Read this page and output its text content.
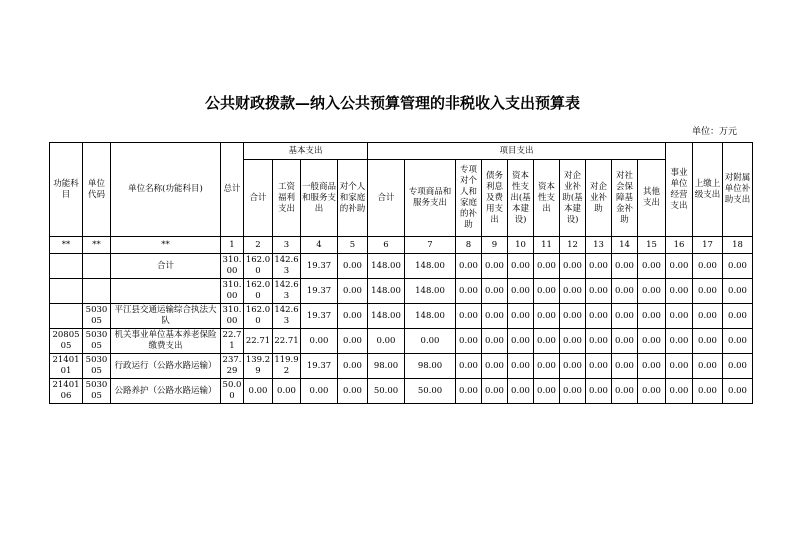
公共财政拨款—纳入公共预算管理的非税收入支出预算表
单位：万元
功能科目	单位代码	单位名称(功能科目)	总计	基本支出				项目支出										事业单位经营支出	上缴上级支出	对附属单位补助支出
				合计	工资福利支出	一般商品和服务支出	对个人和家庭的补助	合计	专项商品和服务支出	专项对个人和家庭的补助	债务利息及费用支出	资本性支出(基本建设)	资本性支出	对企业补助(基本建设)	对企业补助	对社会保障基金补助	其他支出			
**	**	**	1	2	3	4	5	6	7	8	9	10	11	12	13	14	15	16	17	18
		合计	310.00	162.00	142.63	19.37	0.00	148.00	148.00	0.00	0.00	0.00	0.00	0.00	0.00	0.00	0.00	0.00	0.00	0.00
			310.00	162.00	142.63	19.37	0.00	148.00	148.00	0.00	0.00	0.00	0.00	0.00	0.00	0.00	0.00	0.00	0.00	0.00
	503005	平江县交通运输综合执法大队	310.00	162.00	142.63	19.37	0.00	148.00	148.00	0.00	0.00	0.00	0.00	0.00	0.00	0.00	0.00	0.00	0.00	0.00
2080505	503005	机关事业单位基本养老保险缴费支出	22.71	22.71	22.71	0.00	0.00	0.00	0.00	0.00	0.00	0.00	0.00	0.00	0.00	0.00	0.00	0.00	0.00	0.00
2140101	503005	行政运行（公路水路运输）	237.29	139.29	119.92	19.37	0.00	98.00	98.00	0.00	0.00	0.00	0.00	0.00	0.00	0.00	0.00	0.00	0.00	0.00
2140106	503005	公路养护（公路水路运输）	50.00	0.00	0.00	0.00	0.00	50.00	50.00	0.00	0.00	0.00	0.00	0.00	0.00	0.00	0.00	0.00	0.00	0.00
